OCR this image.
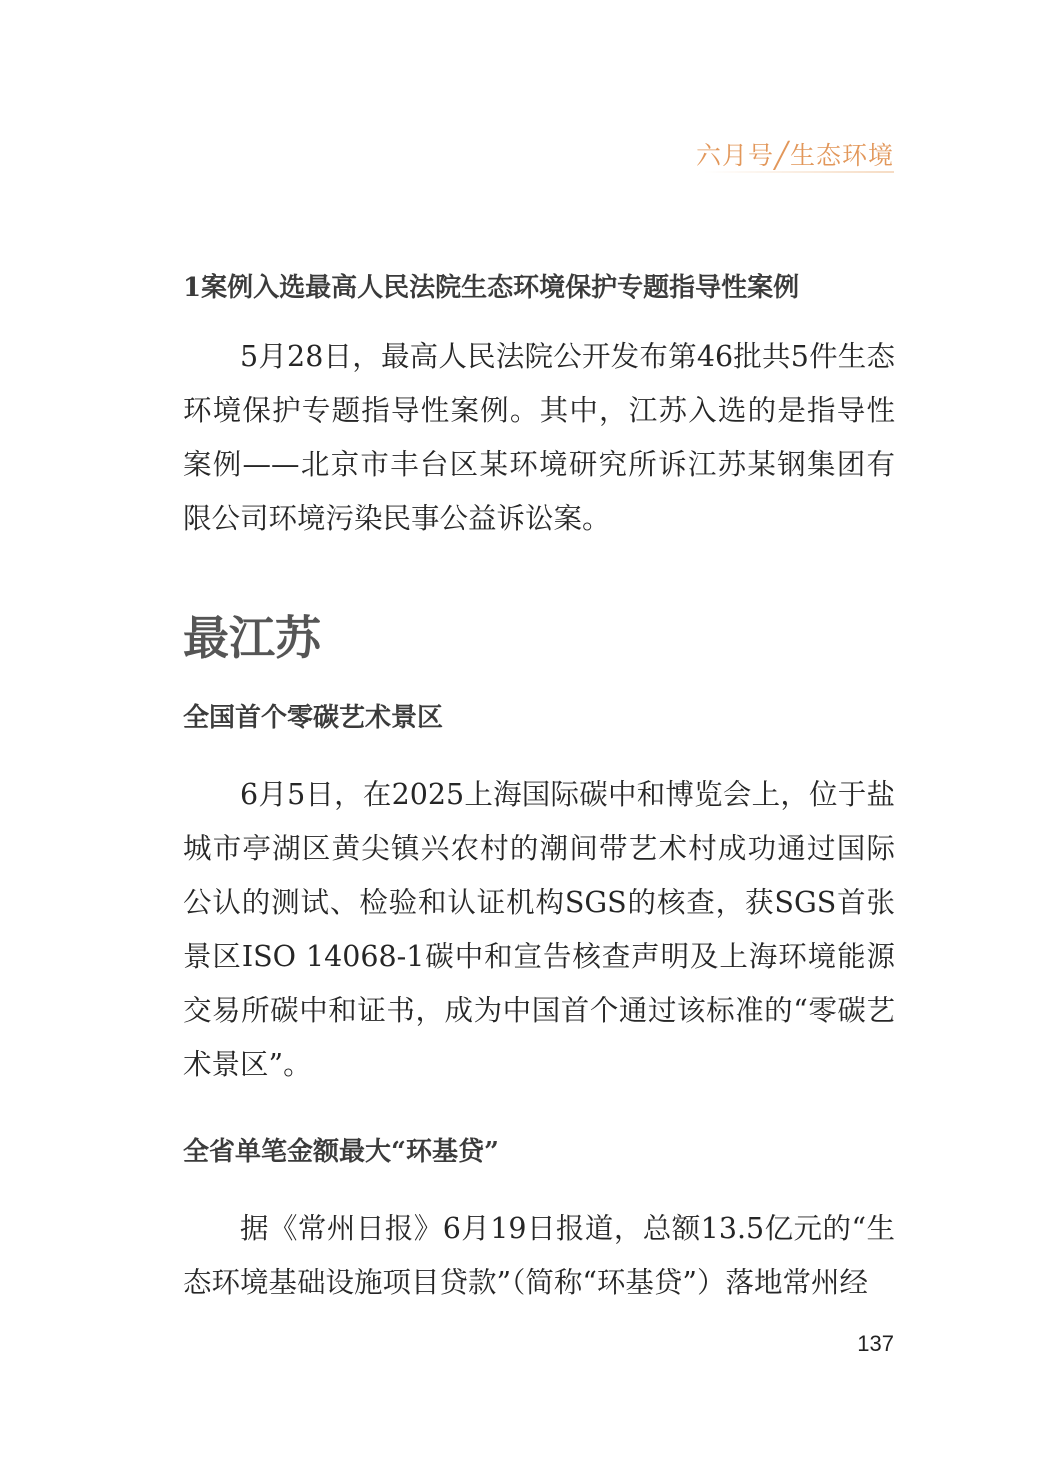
六月号╱生态环境

1案例入选最高人民法院生态环境保护专题指导性案例

5月28日，最高人民法院公开发布第46批共5件生态环境保护专题指导性案例。其中，江苏入选的是指导性案例——北京市丰台区某环境研究所诉江苏某钢集团有限公司环境污染民事公益诉讼案。

最江苏

全国首个零碳艺术景区

6月5日，在2025上海国际碳中和博览会上，位于盐城市亭湖区黄尖镇兴农村的潮间带艺术村成功通过国际公认的测试、检验和认证机构SGS的核查，获SGS首张景区ISO 14068-1碳中和宣告核查声明及上海环境能源交易所碳中和证书，成为中国首个通过该标准的“零碳艺术景区”。

全省单笔金额最大“环基贷”

据《常州日报》6月19日报道，总额13.5亿元的“生态环境基础设施项目贷款”（简称“环基贷”）落地常州经

137
